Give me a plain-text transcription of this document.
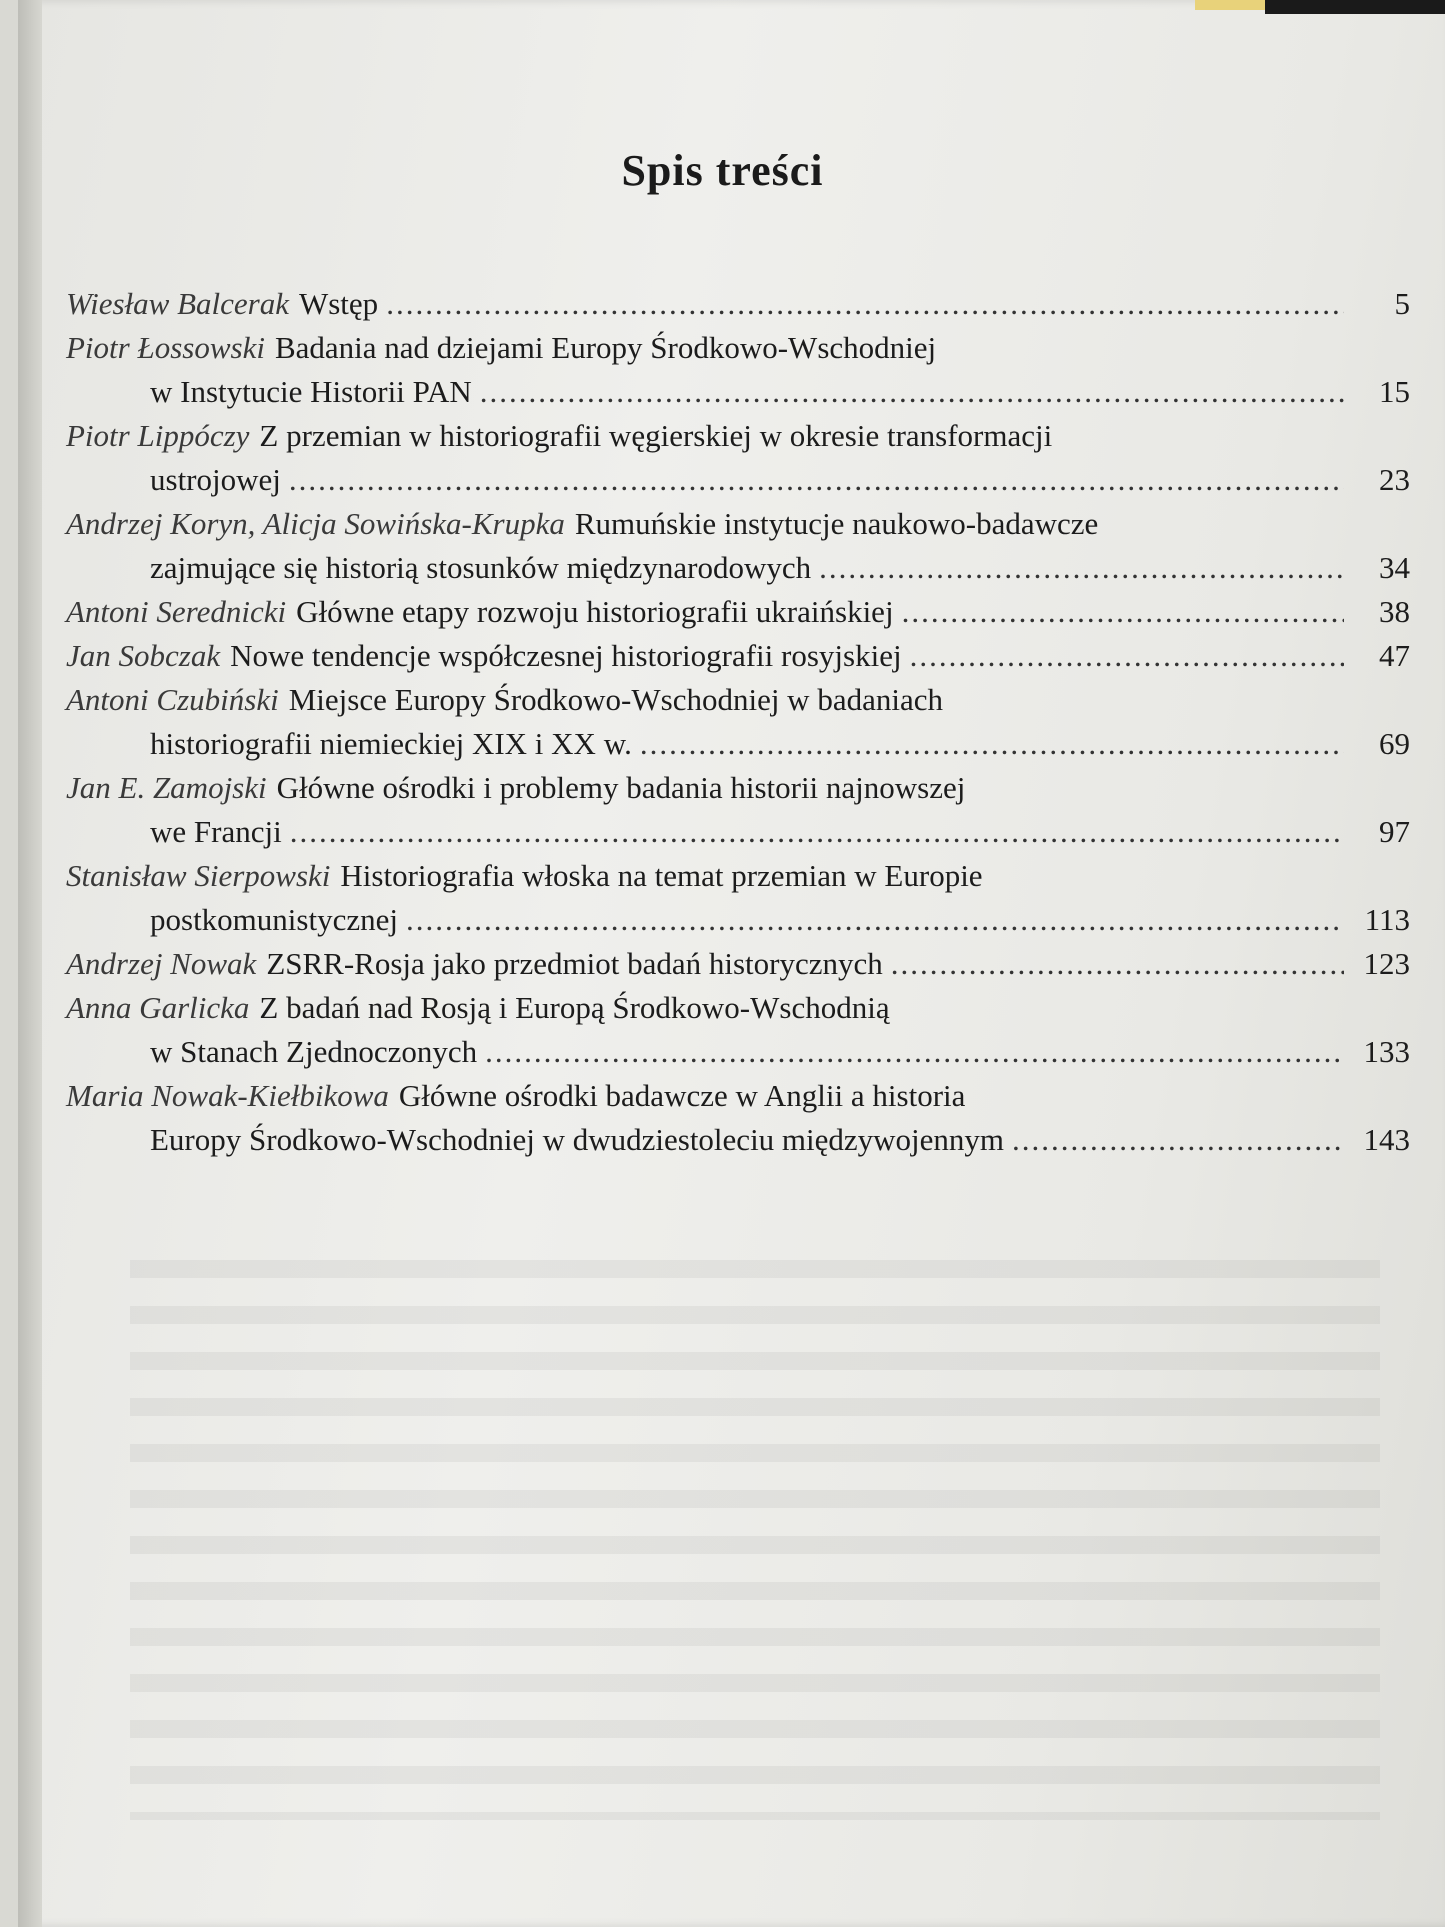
Spis treści
Wiesław Balcerak Wstęp .....	5
Piotr Łossowski Badania nad dziejami Europy Środkowo-Wschodniej
w Instytucie Historii PAN .....	15
Piotr Lippóczy Z przemian w historiografii węgierskiej w okresie transformacji
ustrojowej .....	23
Andrzej Koryn, Alicja Sowińska-Krupka Rumuńskie instytucje naukowo-badawcze
zajmujące się historią stosunków międzynarodowych .....	34
Antoni Serednicki Główne etapy rozwoju historiografii ukraińskiej .....	38
Jan Sobczak Nowe tendencje współczesnej historiografii rosyjskiej .....	47
Antoni Czubiński Miejsce Europy Środkowo-Wschodniej w badaniach
historiografii niemieckiej XIX i XX w. .....	69
Jan E. Zamojski Główne ośrodki i problemy badania historii najnowszej
we Francji .....	97
Stanisław Sierpowski Historiografia włoska na temat przemian w Europie
postkomunistycznej .....	113
Andrzej Nowak ZSRR-Rosja jako przedmiot badań historycznych .....	123
Anna Garlicka Z badań nad Rosją i Europą Środkowo-Wschodnią
w Stanach Zjednoczonych .....	133
Maria Nowak-Kiełbikowa Główne ośrodki badawcze w Anglii a historia
Europy Środkowo-Wschodniej w dwudziestoleciu międzywojennym .....	143
